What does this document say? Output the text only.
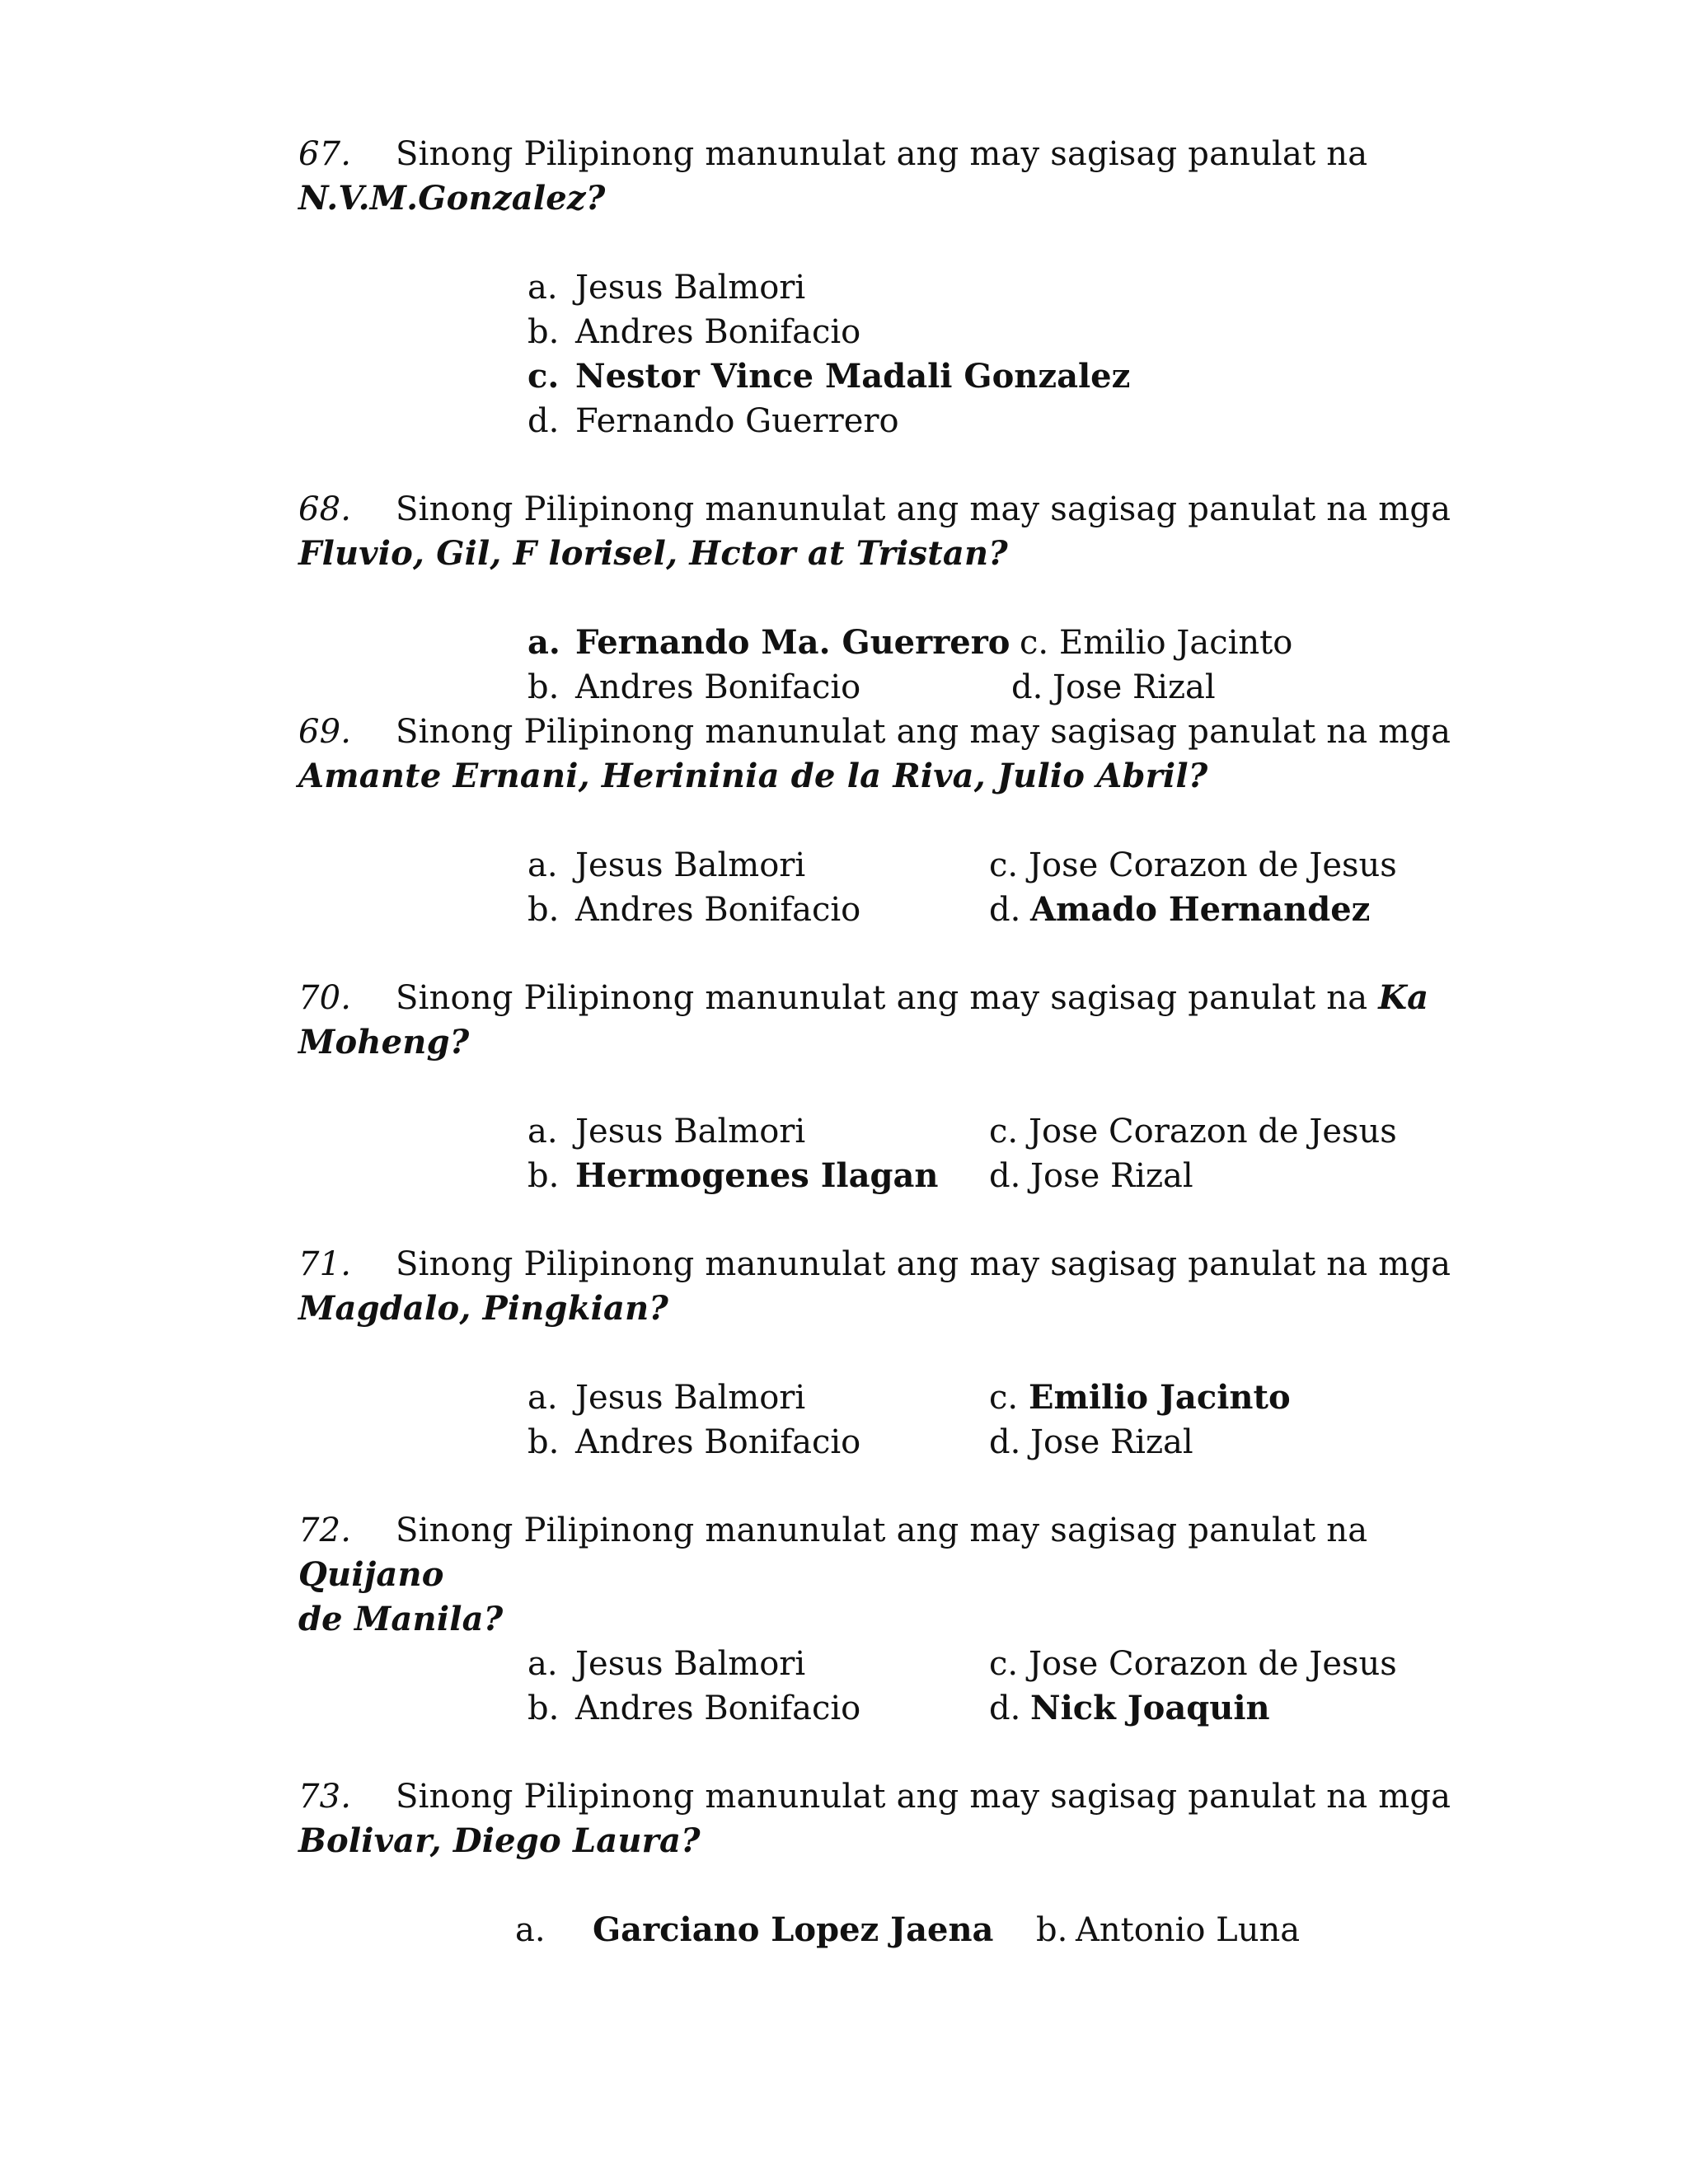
67. Sinong Pilipinong manunulat ang may sagisag panulat na
N.V.M.Gonzalez?
a. Jesus Balmori
b. Andres Bonifacio
c. Nestor Vince Madali Gonzalez
d. Fernando Guerrero
68. Sinong Pilipinong manunulat ang may sagisag panulat na mga
Fluvio, Gil, F lorisel, Hctor at Tristan?
a. Fernando Ma. Guerrero c. Emilio Jacinto
b. Andres Bonifacio	d. Jose Rizal
69. Sinong Pilipinong manunulat ang may sagisag panulat na mga
Amante Ernani, Herininia de la Riva, Julio Abril?
a. Jesus Balmori	c. Jose Corazon de Jesus
b. Andres Bonifacio	d. Amado Hernandez
70. Sinong Pilipinong manunulat ang may sagisag panulat na Ka
Moheng?
a. Jesus Balmori	c. Jose Corazon de Jesus
b. Hermogenes Ilagan d. Jose Rizal
71. Sinong Pilipinong manunulat ang may sagisag panulat na mga
Magdalo, Pingkian?
a. Jesus Balmori	c. Emilio Jacinto
b. Andres Bonifacio	d. Jose Rizal
72. Sinong Pilipinong manunulat ang may sagisag panulat na Quijano
de Manila?
a. Jesus Balmori	c. Jose Corazon de Jesus
b. Andres Bonifacio	d. Nick Joaquin
73. Sinong Pilipinong manunulat ang may sagisag panulat na mga
Bolivar, Diego Laura?
a. Garciano Lopez Jaena b. Antonio Luna
